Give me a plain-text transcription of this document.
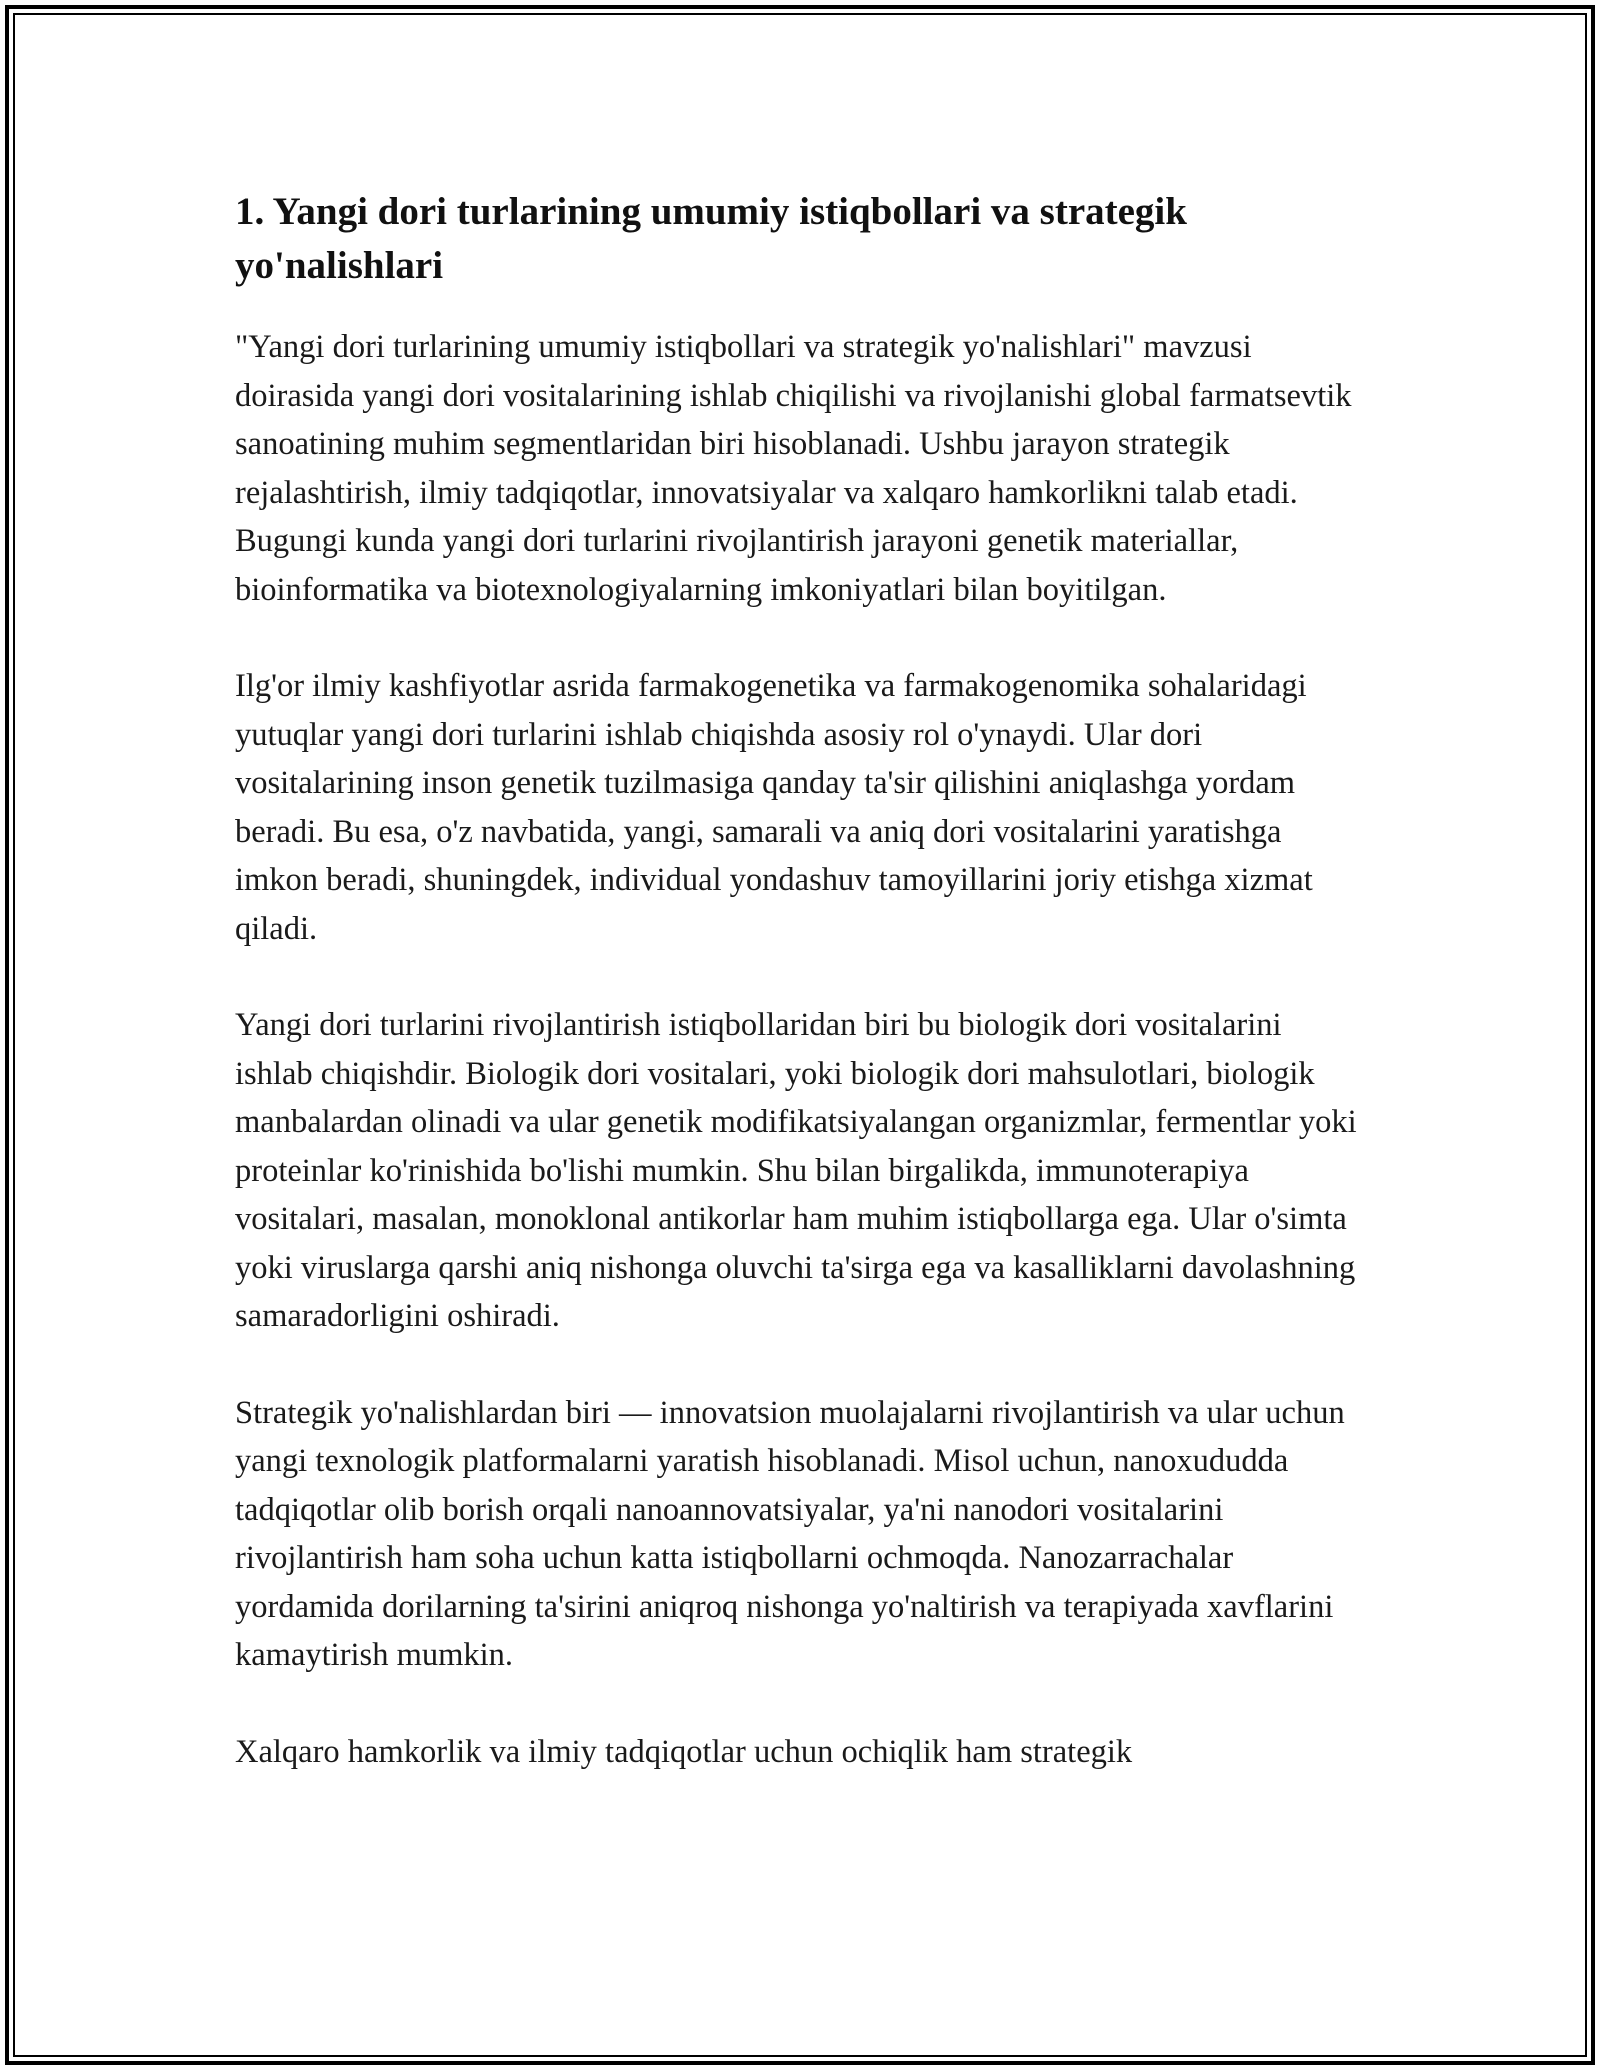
1. Yangi dori turlarining umumiy istiqbollari va strategik yo'nalishlari

"Yangi dori turlarining umumiy istiqbollari va strategik yo'nalishlari" mavzusi doirasida yangi dori vositalarining ishlab chiqilishi va rivojlanishi global farmatsevtik sanoatining muhim segmentlaridan biri hisoblanadi. Ushbu jarayon strategik rejalashtirish, ilmiy tadqiqotlar, innovatsiyalar va xalqaro hamkorlikni talab etadi. Bugungi kunda yangi dori turlarini rivojlantirish jarayoni genetik materiallar, bioinformatika va biotexnologiyalarning imkoniyatlari bilan boyitilgan.

Ilg'or ilmiy kashfiyotlar asrida farmakogenetika va farmakogenomika sohalaridagi yutuqlar yangi dori turlarini ishlab chiqishda asosiy rol o'ynaydi. Ular dori vositalarining inson genetik tuzilmasiga qanday ta'sir qilishini aniqlashga yordam beradi. Bu esa, o'z navbatida, yangi, samarali va aniq dori vositalarini yaratishga imkon beradi, shuningdek, individual yondashuv tamoyillarini joriy etishga xizmat qiladi.

Yangi dori turlarini rivojlantirish istiqbollaridan biri bu biologik dori vositalarini ishlab chiqishdir. Biologik dori vositalari, yoki biologik dori mahsulotlari, biologik manbalardan olinadi va ular genetik modifikatsiyalangan organizmlar, fermentlar yoki proteinlar ko'rinishida bo'lishi mumkin. Shu bilan birgalikda, immunoterapiya vositalari, masalan, monoklonal antikorlar ham muhim istiqbollarga ega. Ular o'simta yoki viruslarga qarshi aniq nishonga oluvchi ta'sirga ega va kasalliklarni davolashning samaradorligini oshiradi.

Strategik yo'nalishlardan biri — innovatsion muolajalarni rivojlantirish va ular uchun yangi texnologik platformalarni yaratish hisoblanadi. Misol uchun, nanoxududda tadqiqotlar olib borish orqali nanoannovatsiyalar, ya'ni nanodori vositalarini rivojlantirish ham soha uchun katta istiqbollarni ochmoqda. Nanozarrachalar yordamida dorilarning ta'sirini aniqroq nishonga yo'naltirish va terapiyada xavflarini kamaytirish mumkin.

Xalqaro hamkorlik va ilmiy tadqiqotlar uchun ochiqlik ham strategik
